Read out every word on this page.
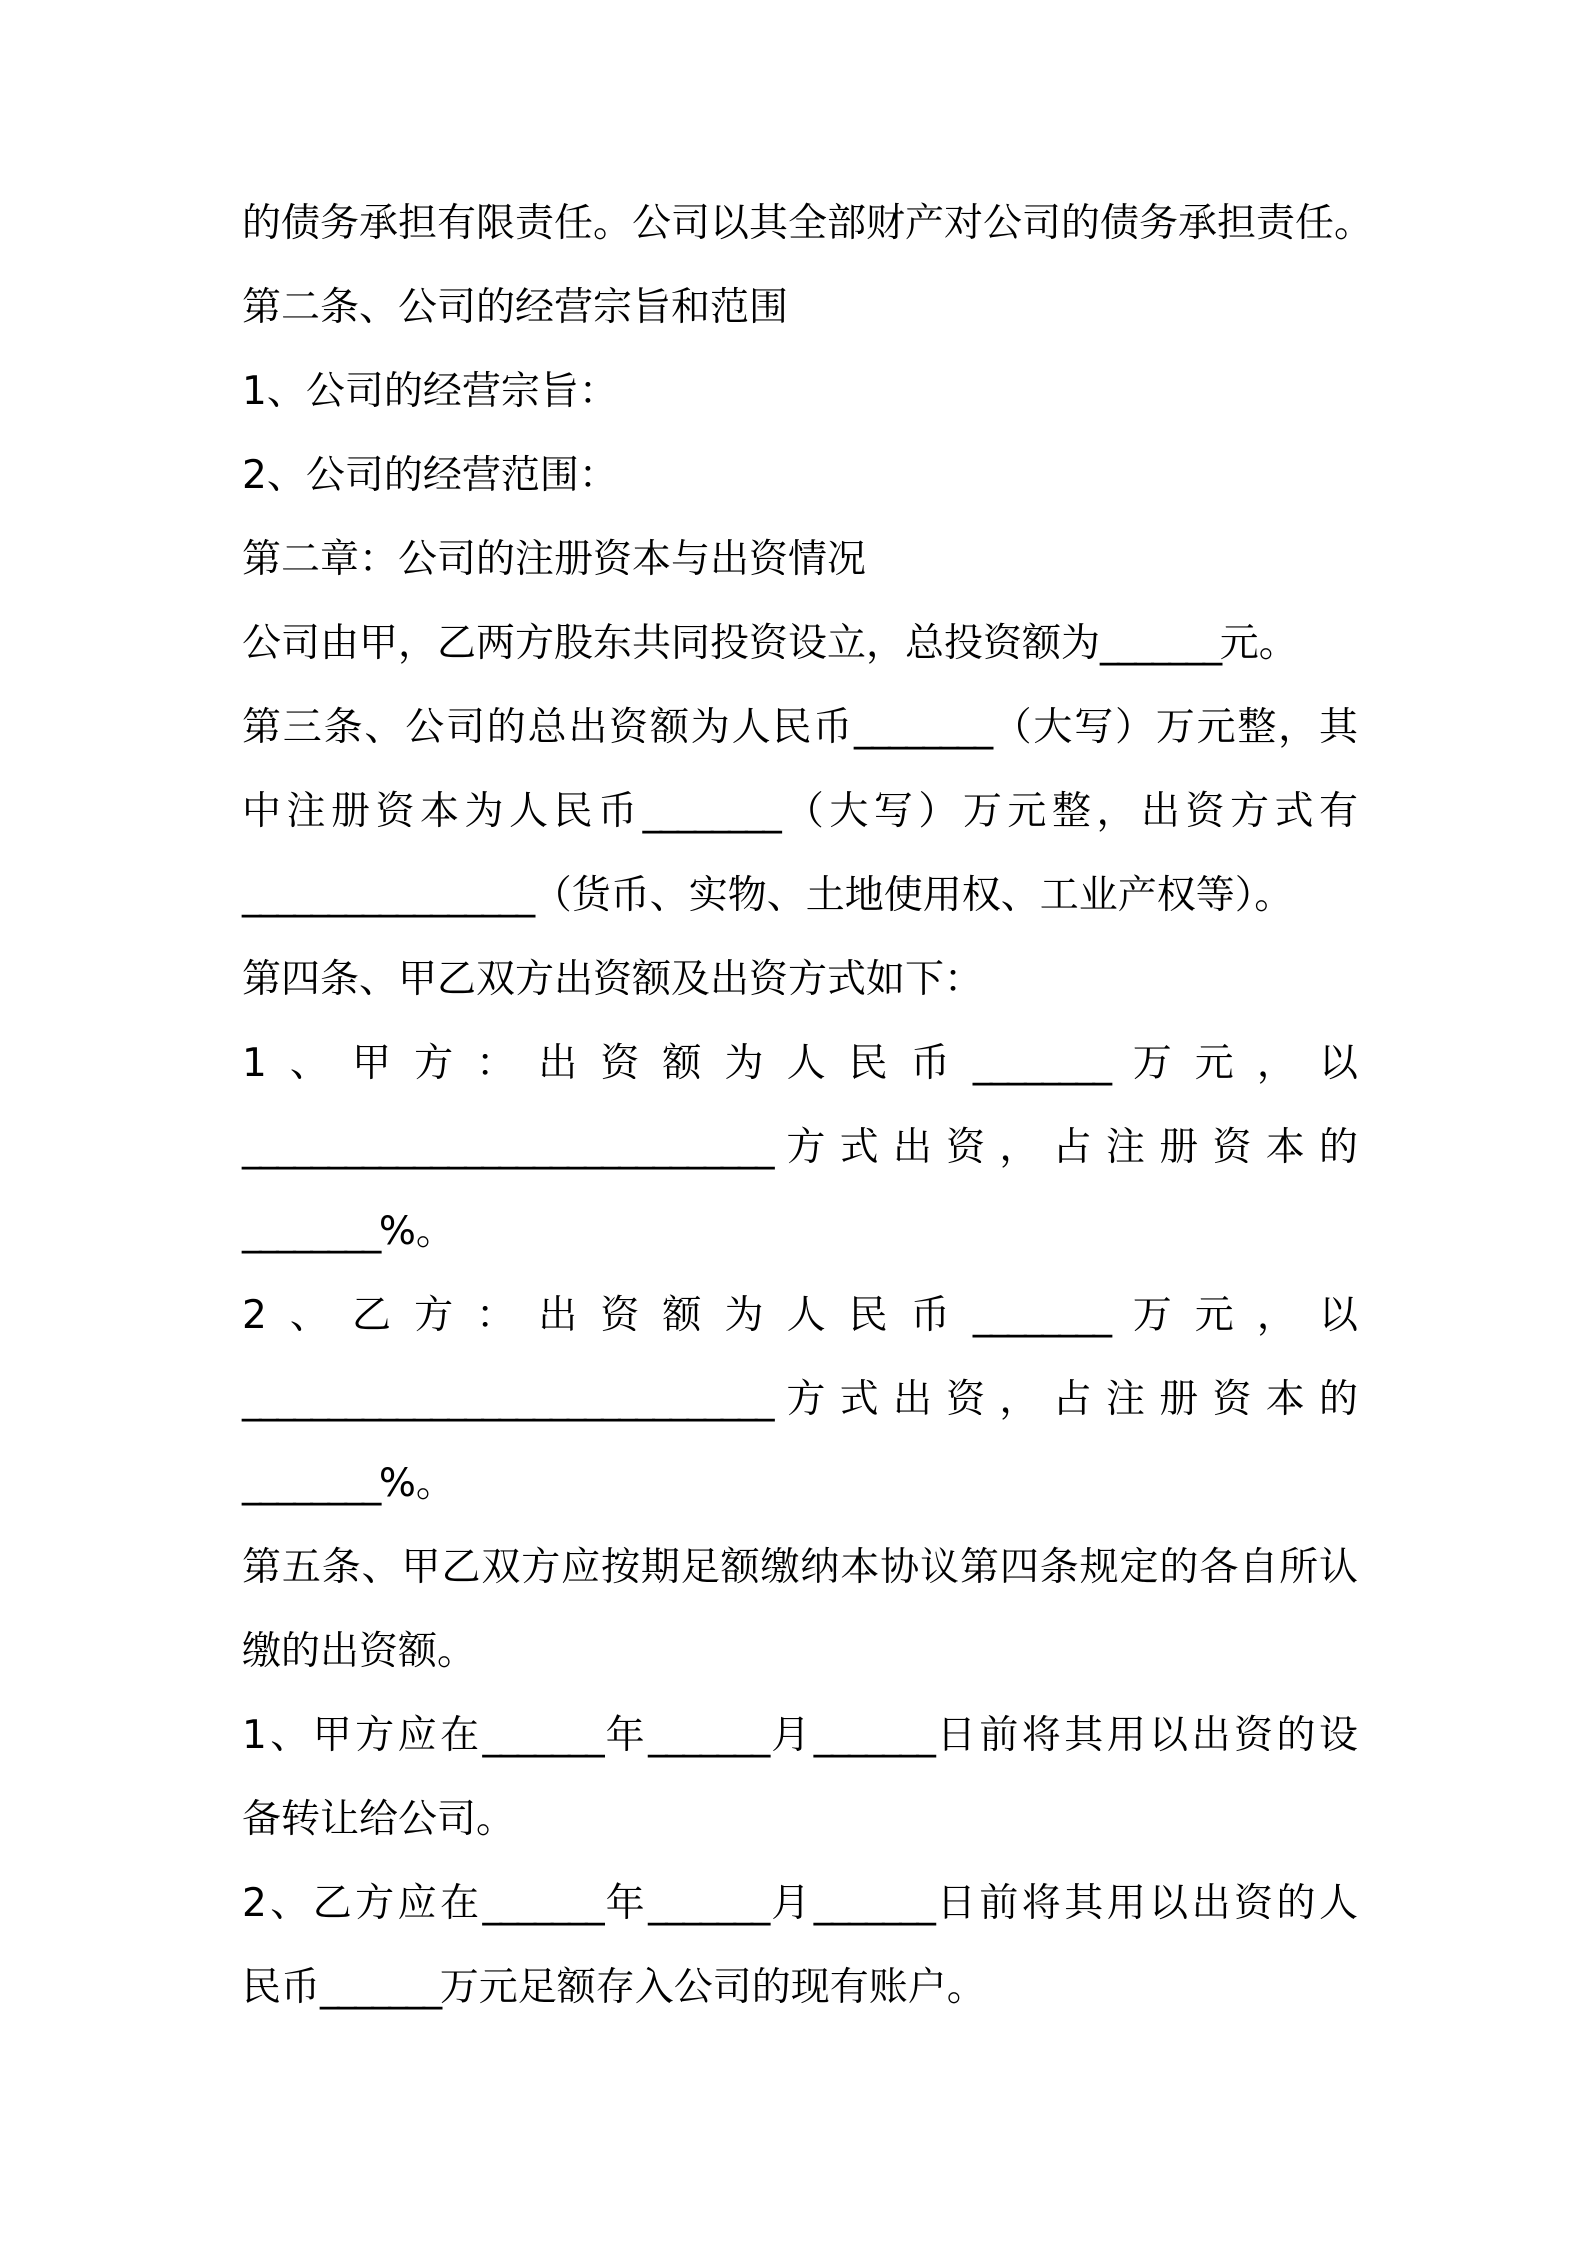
的债务承担有限责任。公司以其全部财产对公司的债务承担责任。
第二条、公司的经营宗旨和范围
1、公司的经营宗旨：
2、公司的经营范围：
第二章：公司的注册资本与出资情况
公司由甲，乙两方股东共同投资设立，总投资额为_______元。
第三条、公司的总出资额为人民币________（大写）万元整，其
中注册资本为人民币________（大写）万元整，出资方式有
_________________（货币、实物、土地使用权、工业产权等）。
第四条、甲乙双方出资额及出资方式如下：
1、甲方：出资额为人民币________万元，以
_______________________________方式出资，占注册资本的
________%。
2、乙方：出资额为人民币________万元，以
_______________________________方式出资，占注册资本的
________%。
第五条、甲乙双方应按期足额缴纳本协议第四条规定的各自所认
缴的出资额。
1、甲方应在_______年_______月_______日前将其用以出资的设
备转让给公司。
2、乙方应在_______年_______月_______日前将其用以出资的人
民币_______万元足额存入公司的现有账户。
